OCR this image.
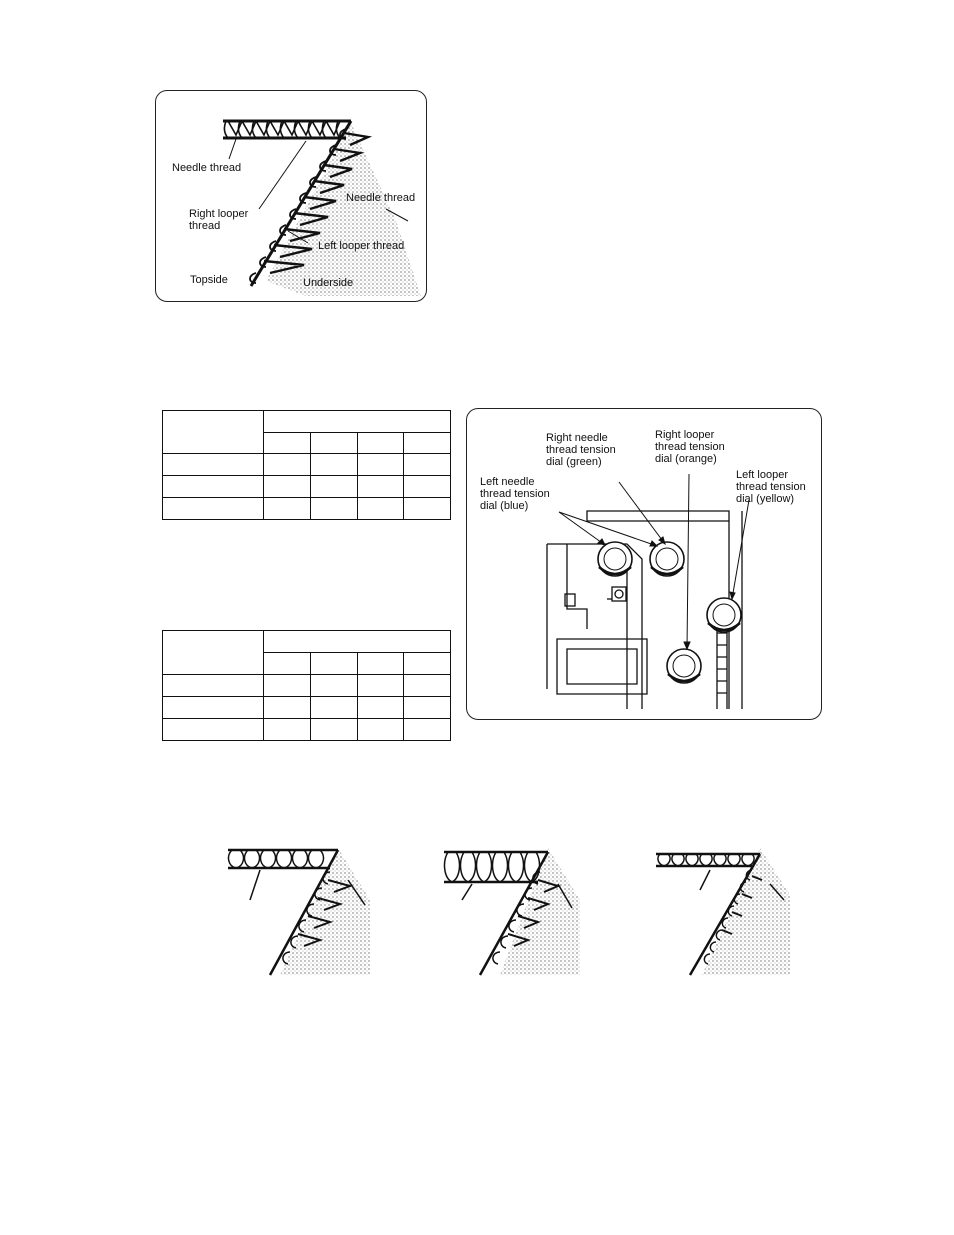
Needle thread
Right looper
thread
Needle thread
Left looper thread
Topside	Underside

Right needle
thread tension
dial (green)
Right looper
thread tension
dial (orange)
Left needle
thread tension
dial (blue)
Left looper
thread tension
dial (yellow)
